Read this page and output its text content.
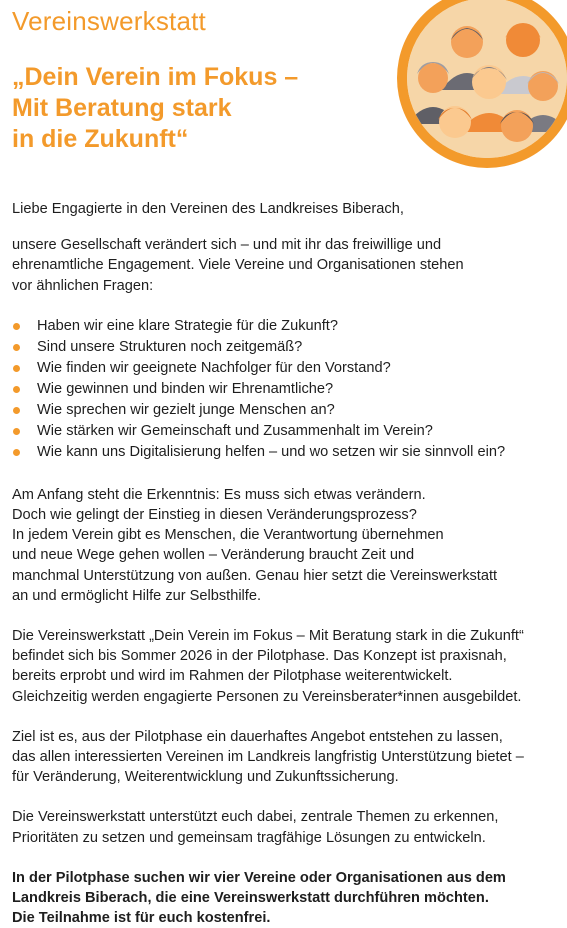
Vereinswerkstatt
„Dein Verein im Fokus –
Mit Beratung stark
in die Zukunft“

Liebe Engagierte in den Vereinen des Landkreises Biberach,

unsere Gesellschaft verändert sich – und mit ihr das freiwillige und
ehrenamtliche Engagement. Viele Vereine und Organisationen stehen
vor ähnlichen Fragen:

Haben wir eine klare Strategie für die Zukunft?
Sind unsere Strukturen noch zeitgemäß?
Wie finden wir geeignete Nachfolger für den Vorstand?
Wie gewinnen und binden wir Ehrenamtliche?
Wie sprechen wir gezielt junge Menschen an?
Wie stärken wir Gemeinschaft und Zusammenhalt im Verein?
Wie kann uns Digitalisierung helfen – und wo setzen wir sie sinnvoll ein?

Am Anfang steht die Erkenntnis: Es muss sich etwas verändern.
Doch wie gelingt der Einstieg in diesen Veränderungsprozess?
In jedem Verein gibt es Menschen, die Verantwortung übernehmen
und neue Wege gehen wollen – Veränderung braucht Zeit und
manchmal Unterstützung von außen. Genau hier setzt die Vereinswerkstatt
an und ermöglicht Hilfe zur Selbsthilfe.

Die Vereinswerkstatt „Dein Verein im Fokus – Mit Beratung stark in die Zukunft“
befindet sich bis Sommer 2026 in der Pilotphase. Das Konzept ist praxisnah,
bereits erprobt und wird im Rahmen der Pilotphase weiterentwickelt.
Gleichzeitig werden engagierte Personen zu Vereinsberater*innen ausgebildet.

Ziel ist es, aus der Pilotphase ein dauerhaftes Angebot entstehen zu lassen,
das allen interessierten Vereinen im Landkreis langfristig Unterstützung bietet –
für Veränderung, Weiterentwicklung und Zukunftssicherung.

Die Vereinswerkstatt unterstützt euch dabei, zentrale Themen zu erkennen,
Prioritäten zu setzen und gemeinsam tragfähige Lösungen zu entwickeln.

In der Pilotphase suchen wir vier Vereine oder Organisationen aus dem
Landkreis Biberach, die eine Vereinswerkstatt durchführen möchten.
Die Teilnahme ist für euch kostenfrei.
